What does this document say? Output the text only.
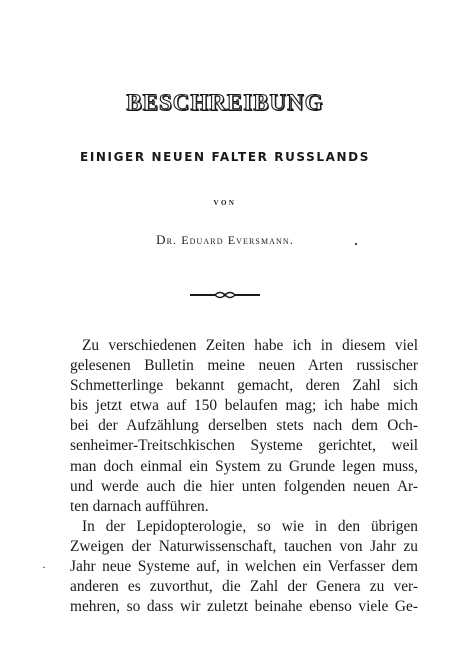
BESCHREIBUNG
EINIGER NEUEN FALTER RUSSLANDS
VON
Dr. Eduard Eversmann.
Zu verschiedenen Zeiten habe ich in diesem viel
gelesenen Bulletin meine neuen Arten russischer
Schmetterlinge bekannt gemacht, deren Zahl sich
bis jetzt etwa auf 150 belaufen mag; ich habe mich
bei der Aufzählung derselben stets nach dem Och-
senheimer-Treitschkischen Systeme gerichtet, weil
man doch einmal ein System zu Grunde legen muss,
und werde auch die hier unten folgenden neuen Ar-
ten darnach aufführen.
In der Lepidopterologie, so wie in den übrigen
Zweigen der Naturwissenschaft, tauchen von Jahr zu
Jahr neue Systeme auf, in welchen ein Verfasser dem
anderen es zuvorthut, die Zahl der Genera zu ver-
mehren, so dass wir zuletzt beinahe ebenso viele Ge-
·
